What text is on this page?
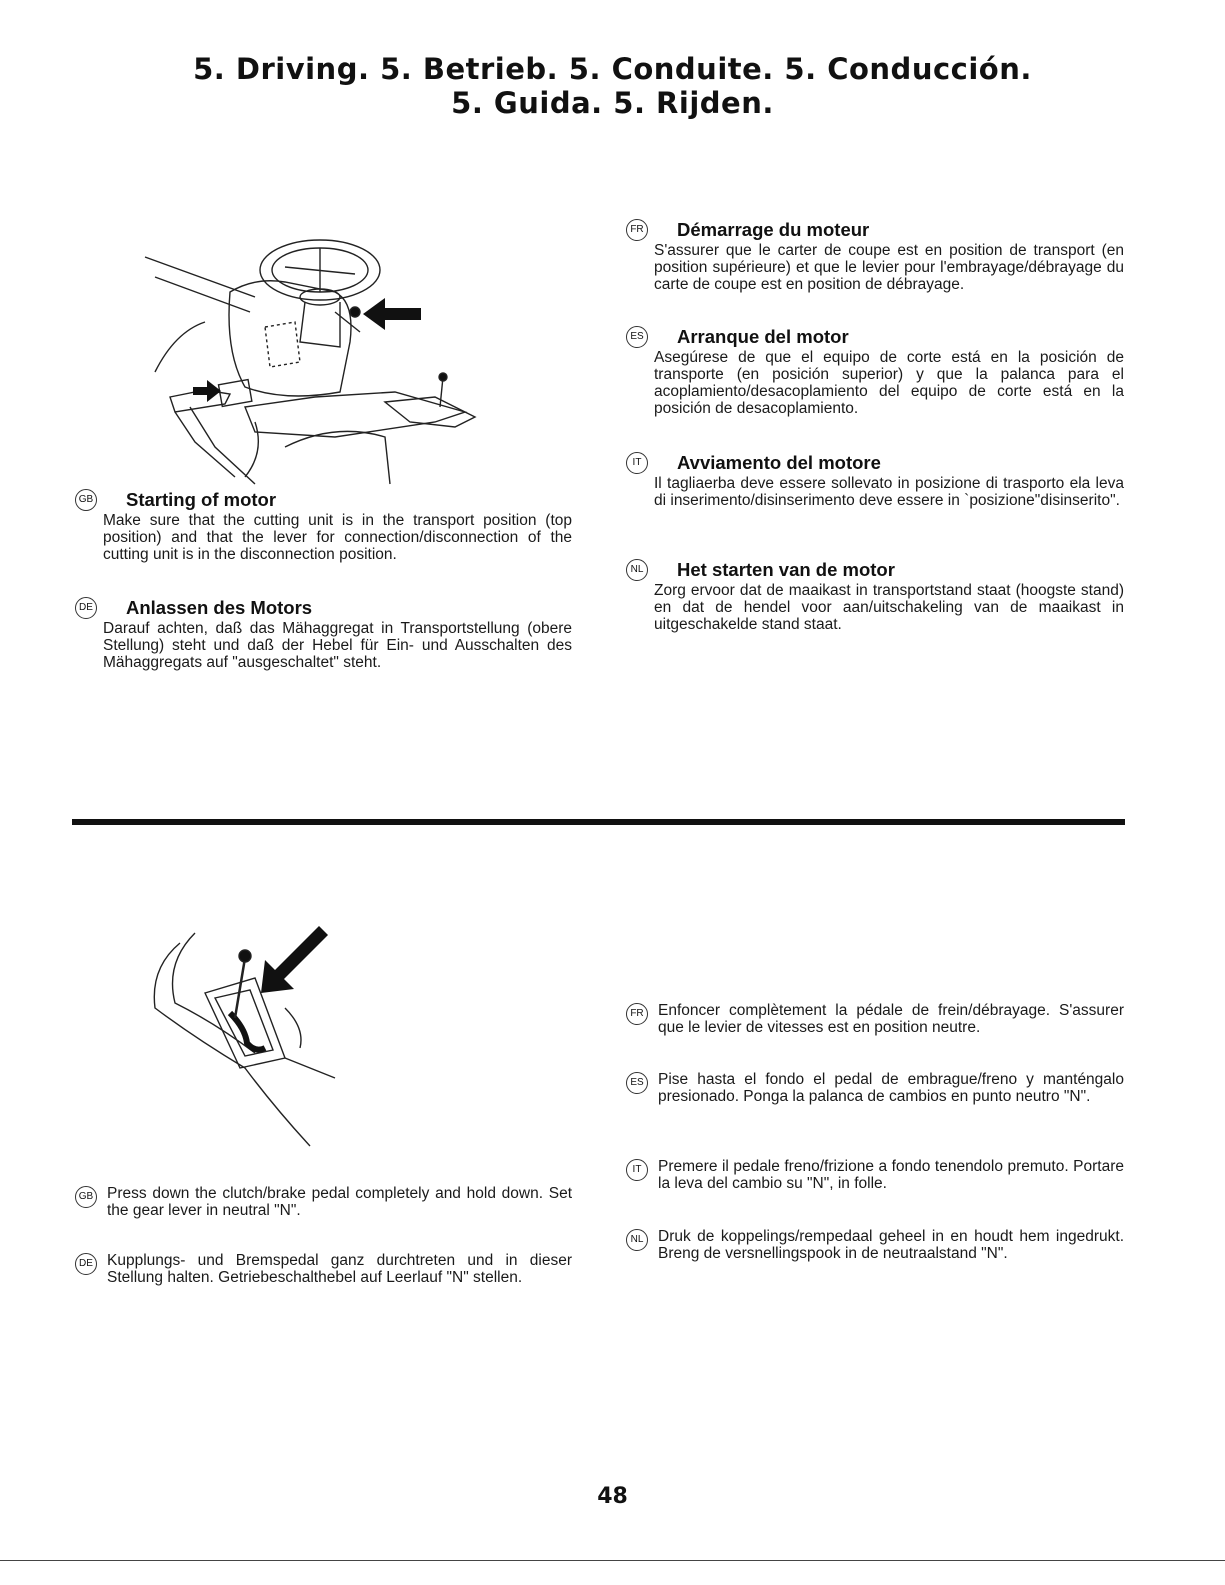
5. Driving. 5. Betrieb. 5. Conduite. 5. Conducción.
5. Guida. 5. Rijden.
GB Starting of motor

Make sure that the cutting unit is in the transport position (top position) and that the lever for connection/disconnection of the cutting unit is in the disconnection position.

DE Anlassen des Motors

Darauf achten, daß das Mähaggregat in Transportstellung (obere Stellung) steht und daß der Hebel für Ein- und Ausschalten des Mähaggregats auf "ausgeschaltet" steht.

FR Démarrage du moteur

S'assurer que le carter de coupe est en position de transport (en position supérieure) et que le levier pour l'embrayage/débrayage du carte de coupe est en position de débrayage.

ES Arranque del motor

Asegúrese de que el equipo de corte está en la posición de transporte (en posición superior) y que la palanca para el acoplamiento/desacoplamiento del equipo de corte está en la posición de desacoplamiento.

IT	Avviamento del motore

Il tagliaerba deve essere sollevato in posizione di trasporto ela leva di inserimento/disinserimento deve essere in `posizione"disinserito".

NL Het starten van de motor

Zorg ervoor dat de maaikast in transportstand staat (hoogste stand) en dat de hendel voor aan/uitschakeling van de maaikast in uitgeschakelde stand staat.

FR Enfoncer complètement la pédale de frein/débrayage. S'assurer que le levier de vitesses est en position neutre.

ES Pise hasta el fondo el pedal de embrague/freno y manténgalo presionado. Ponga la palanca de cambios en punto neutro "N".

IT	Premere il pedale freno/frizione a fondo tenendolo premuto. Portare la leva del cambio su "N", in folle.

NL Druk de koppelings/rempedaal geheel in en houdt hem ingedrukt. Breng de versnellingspook in de neutraalstand "N".

GB Press down the clutch/brake pedal completely and hold down. Set the gear lever in neutral "N".

DE Kupplungs- und Bremspedal ganz durchtreten und in dieser Stellung halten. Getriebeschalthebel auf Leerlauf "N" stellen.

48
